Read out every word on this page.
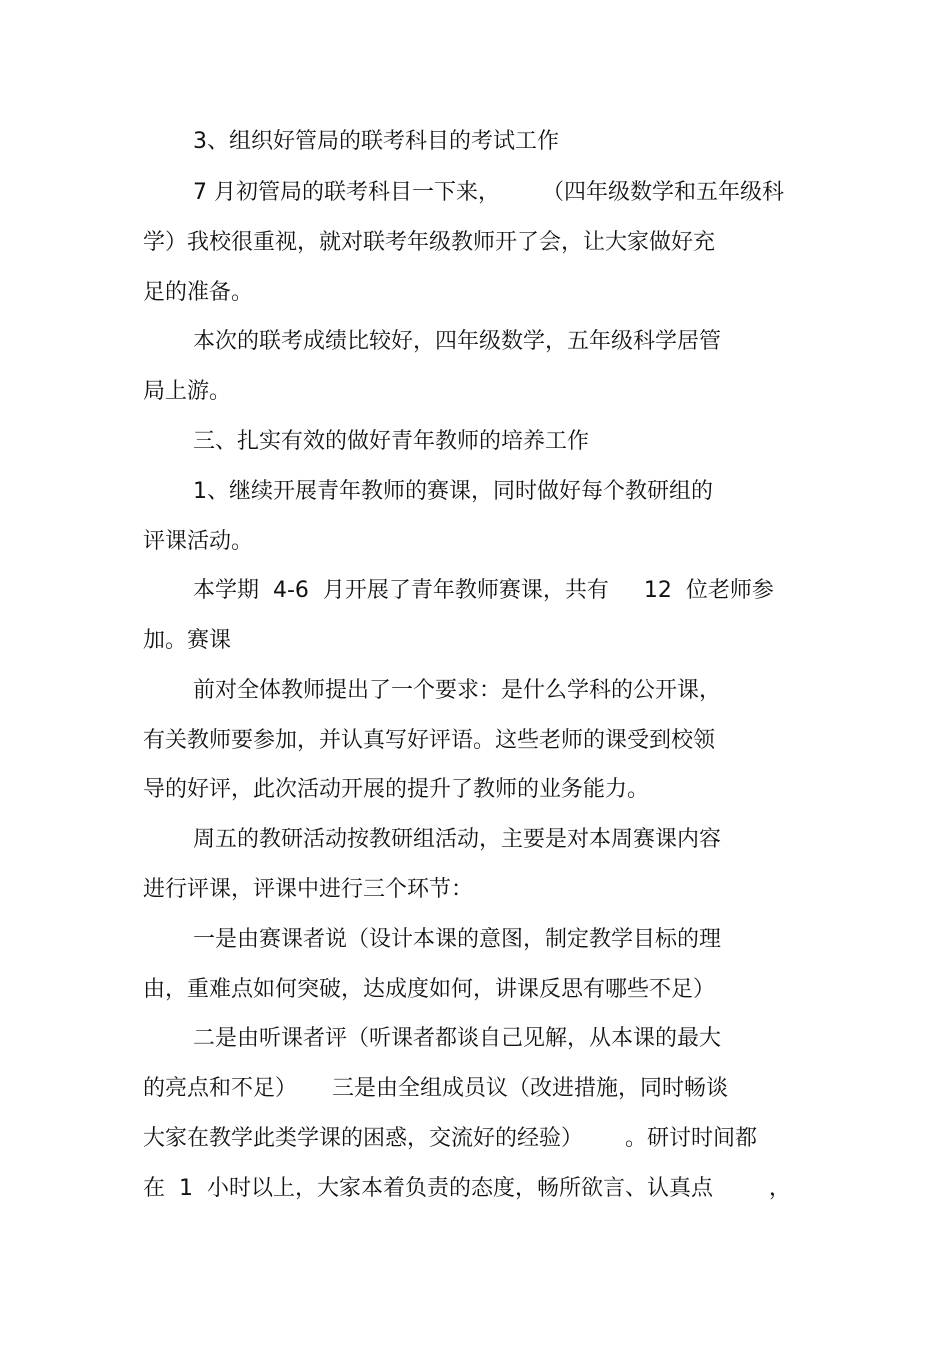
3、组织好管局的联考科目的考试工作
7 月初管局的联考科目一下来，      （四年级数学和五年级科
学）我校很重视，就对联考年级教师开了会，让大家做好充
足的准备。
本次的联考成绩比较好，四年级数学，五年级科学居管
局上游。
三、扎实有效的做好青年教师的培养工作
1、继续开展青年教师的赛课，同时做好每个教研组的
评课活动。
本学期  4-6  月开展了青年教师赛课，共有     12  位老师参
加。赛课
前对全体教师提出了一个要求：是什么学科的公开课，
有关教师要参加，并认真写好评语。这些老师的课受到校领
导的好评，此次活动开展的提升了教师的业务能力。
周五的教研活动按教研组活动，主要是对本周赛课内容
进行评课，评课中进行三个环节：
一是由赛课者说（设计本课的意图，制定教学目标的理
由，重难点如何突破，达成度如何，讲课反思有哪些不足）
二是由听课者评（听课者都谈自己见解，从本课的最大
的亮点和不足）     三是由全组成员议（改进措施，同时畅谈
大家在教学此类学课的困惑，交流好的经验）      。研讨时间都
在  1  小时以上，大家本着负责的态度，畅所欲言、认真点        ，
